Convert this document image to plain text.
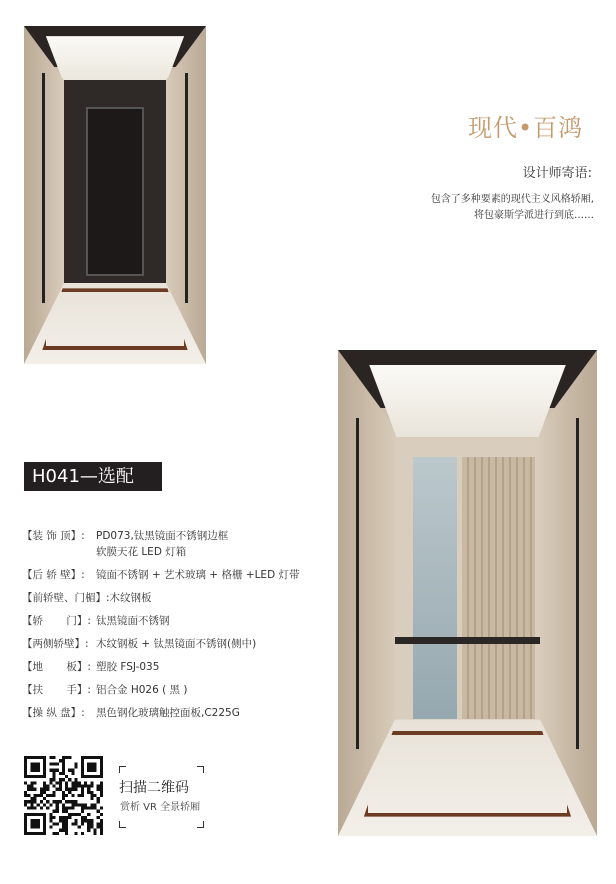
现代•百鸿
设计师寄语:
包含了多种要素的现代主义风格轿厢,
将包豪斯学派进行到底……
H041—选配
【装 饰 顶】:	PD073,钛黑镜面不锈钢边框
软膜天花 LED 灯箱
【后 轿 壁】:	镜面不锈钢 + 艺术玻璃 + 格栅 +LED 灯带
【前轿壁、门楣】: 木纹钢板
【轿       门】: 钛黑镜面不锈钢
【两侧轿壁】: 木纹钢板 + 钛黑镜面不锈钢(侧中)
【地       板】: 塑胶 FSJ-035
【扶       手】: 铝合金 H026 ( 黑 )
【操 纵 盘】:	黑色钢化玻璃触控面板,C225G
扫描二维码
赏析 VR 全景轿厢
